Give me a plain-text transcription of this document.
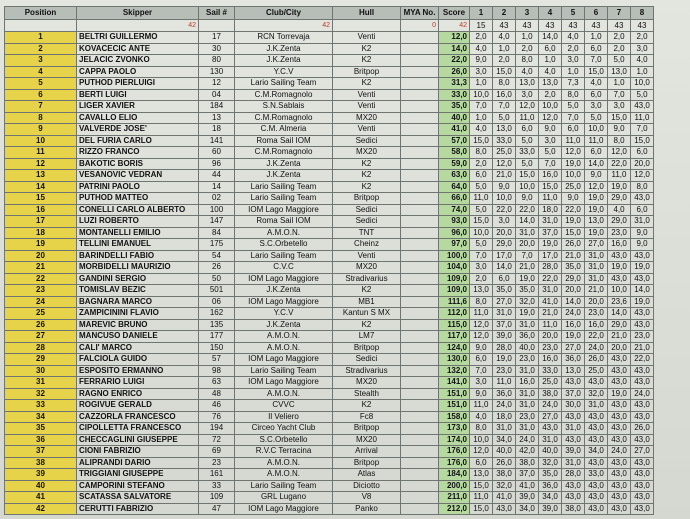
Position	Skipper	Sail #	Club/City	Hull	MYA No.	Score	1	2	3	4	5	6	7	8
	42		42		0	42	15	43	43	43	43	43	43	43
1	BELTRI GUILLERMO	17	RCN Torrevaja	Venti		12,0	2,0	4,0	1,0	14,0	4,0	1,0	2,0	2,0
2	KOVACECIC ANTE	30	J.K.Zenta	K2		14,0	4,0	1,0	2,0	6,0	2,0	6,0	2,0	3,0
3	JELACIC ZVONKO	80	J.K.Zenta	K2		22,0	9,0	2,0	8,0	1,0	3,0	7,0	5,0	4,0
4	CAPPA PAOLO	130	Y.C.V	Britpop		26,0	3,0	15,0	4,0	4,0	1,0	15,0	13,0	1,0
5	PUTHOD PIERLUIGI	12	Lario Sailing Team	K2		31,3	1,0	8,0	13,0	13,0	7,3	4,0	1,0	10,0
6	BERTI LUIGI	04	C.M.Romagnolo	Venti		33,0	10,0	16,0	3,0	2,0	8,0	6,0	7,0	5,0
7	LIGER XAVIER	184	S.N.Sablais	Venti		35,0	7,0	7,0	12,0	10,0	5,0	3,0	3,0	43,0
8	CAVALLO ELIO	13	C.M.Romagnolo	MX20		40,0	1,0	5,0	11,0	12,0	7,0	5,0	15,0	11,0
9	VALVERDE JOSE'	18	C.M. Almeria	Venti		41,0	4,0	13,0	6,0	9,0	6,0	10,0	9,0	7,0
10	DEL FURIA CARLO	141	Roma Sail IOM	Sedici		57,0	15,0	33,0	5,0	3,0	11,0	11,0	8,0	15,0
11	RIZZO FRANCO	60	C.M.Romagnolo	MX20		58,0	8,0	25,0	33,0	5,0	12,0	6,0	12,0	6,0
12	BAKOTIC BORIS	96	J.K.Zenta	K2		59,0	2,0	12,0	5,0	7,0	19,0	14,0	22,0	20,0
13	VESANOVIC VEDRAN	44	J.K.Zenta	K2		63,0	6,0	21,0	15,0	16,0	10,0	9,0	11,0	12,0
14	PATRINI PAOLO	14	Lario Sailing Team	K2		64,0	5,0	9,0	10,0	15,0	25,0	12,0	19,0	8,0
15	PUTHOD MATTEO	02	Lario Sailing Team	Britpop		66,0	11,0	10,0	9,0	11,0	9,0	19,0	29,0	43,0
16	CONELLI CARLO ALBERTO	100	IOM Lago Maggiore	Sedici		74,0	5,0	22,0	22,0	18,0	22,0	19,0	4,0	6,0
17	LUZI ROBERTO	147	Roma Sail IOM	Sedici		93,0	15,0	3,0	14,0	31,0	19,0	13,0	29,0	31,0
18	MONTANELLI EMILIO	84	A.M.O.N.	TNT		96,0	10,0	20,0	31,0	37,0	15,0	19,0	23,0	9,0
19	TELLINI EMANUEL	175	S.C.Orbetello	Cheinz		97,0	5,0	29,0	20,0	19,0	26,0	27,0	16,0	9,0
20	BARINDELLI FABIO	54	Lario Sailing Team	Venti		100,0	7,0	17,0	7,0	17,0	21,0	31,0	43,0	43,0
21	MORBIDELLI MAURIZIO	26	C.V.C	MX20		104,0	3,0	14,0	21,0	28,0	35,0	31,0	19,0	19,0
22	GANDINI SERGIO	50	IOM Lago Maggiore	Stradivarius		109,0	2,0	6,0	19,0	22,0	29,0	31,0	43,0	43,0
23	TOMISLAV BEZIC	501	J.K.Zenta	K2		109,0	13,0	35,0	35,0	31,0	20,0	21,0	10,0	14,0
24	BAGNARA MARCO	06	IOM Lago Maggiore	MB1		111,6	8,0	27,0	32,0	41,0	14,0	20,0	23,6	19,0
25	ZAMPICININI FLAVIO	162	Y.C.V	Kantun S MX		112,0	11,0	31,0	19,0	21,0	24,0	23,0	14,0	43,0
26	MAREVIC BRUNO	135	J.K.Zenta	K2		115,0	12,0	37,0	31,0	11,0	16,0	16,0	29,0	43,0
27	MANCUSO DANIELE	177	A.M.O.N.	LM7		117,0	12,0	39,0	36,0	20,0	19,0	22,0	21,0	23,0
28	CALI' MARCO	150	A.M.O.N.	Britpop		124,0	9,0	28,0	40,0	23,0	27,0	24,0	20,0	21,0
29	FALCIOLA GUIDO	57	IOM Lago Maggiore	Sedici		130,0	6,0	19,0	23,0	16,0	36,0	26,0	43,0	22,0
30	ESPOSITO ERMANNO	98	Lario Sailing Team	Stradivarius		132,0	7,0	23,0	31,0	33,0	13,0	25,0	43,0	43,0
31	FERRARIO LUIGI	63	IOM Lago Maggiore	MX20		141,0	3,0	11,0	16,0	25,0	43,0	43,0	43,0	43,0
32	RAGNO ENRICO	48	A.M.O.N.	Stealth		151,0	9,0	36,0	31,0	38,0	37,0	32,0	19,0	24,0
33	ROGIVUE GERALD	46	CVVC	K2		151,0	11,0	24,0	31,0	24,0	30,0	31,0	43,0	43,0
34	CAZZORLA FRANCESCO	76	Il Veliero	Fc8		158,0	4,0	18,0	23,0	27,0	43,0	43,0	43,0	43,0
35	CIPOLLETTA FRANCESCO	194	Circeo Yacht Club	Britpop		173,0	8,0	31,0	31,0	43,0	31,0	43,0	43,0	26,0
36	CHECCAGLINI GIUSEPPE	72	S.C.Orbetello	MX20		174,0	10,0	34,0	24,0	31,0	43,0	43,0	43,0	43,0
37	CIONI FABRIZIO	69	R.V.C Terracina	Arrival		176,0	12,0	40,0	42,0	40,0	39,0	34,0	24,0	27,0
38	ALIPRANDI DARIO	23	A.M.O.N.	Britpop		176,0	6,0	26,0	38,0	32,0	31,0	43,0	43,0	43,0
39	TRIGGIANI GIUSEPPE	161	A.M.O.N.	Atlas		184,0	13,0	38,0	37,0	35,0	28,0	33,0	43,0	43,0
40	CAMPORINI STEFANO	33	Lario Sailing Team	Diciotto		200,0	15,0	32,0	41,0	36,0	43,0	43,0	43,0	43,0
41	SCATASSA SALVATORE	109	GRL Lugano	V8		211,0	11,0	41,0	39,0	34,0	43,0	43,0	43,0	43,0
42	CERUTTI FABRIZIO	47	IOM Lago Maggiore	Panko		212,0	15,0	43,0	34,0	39,0	38,0	43,0	43,0	43,0
